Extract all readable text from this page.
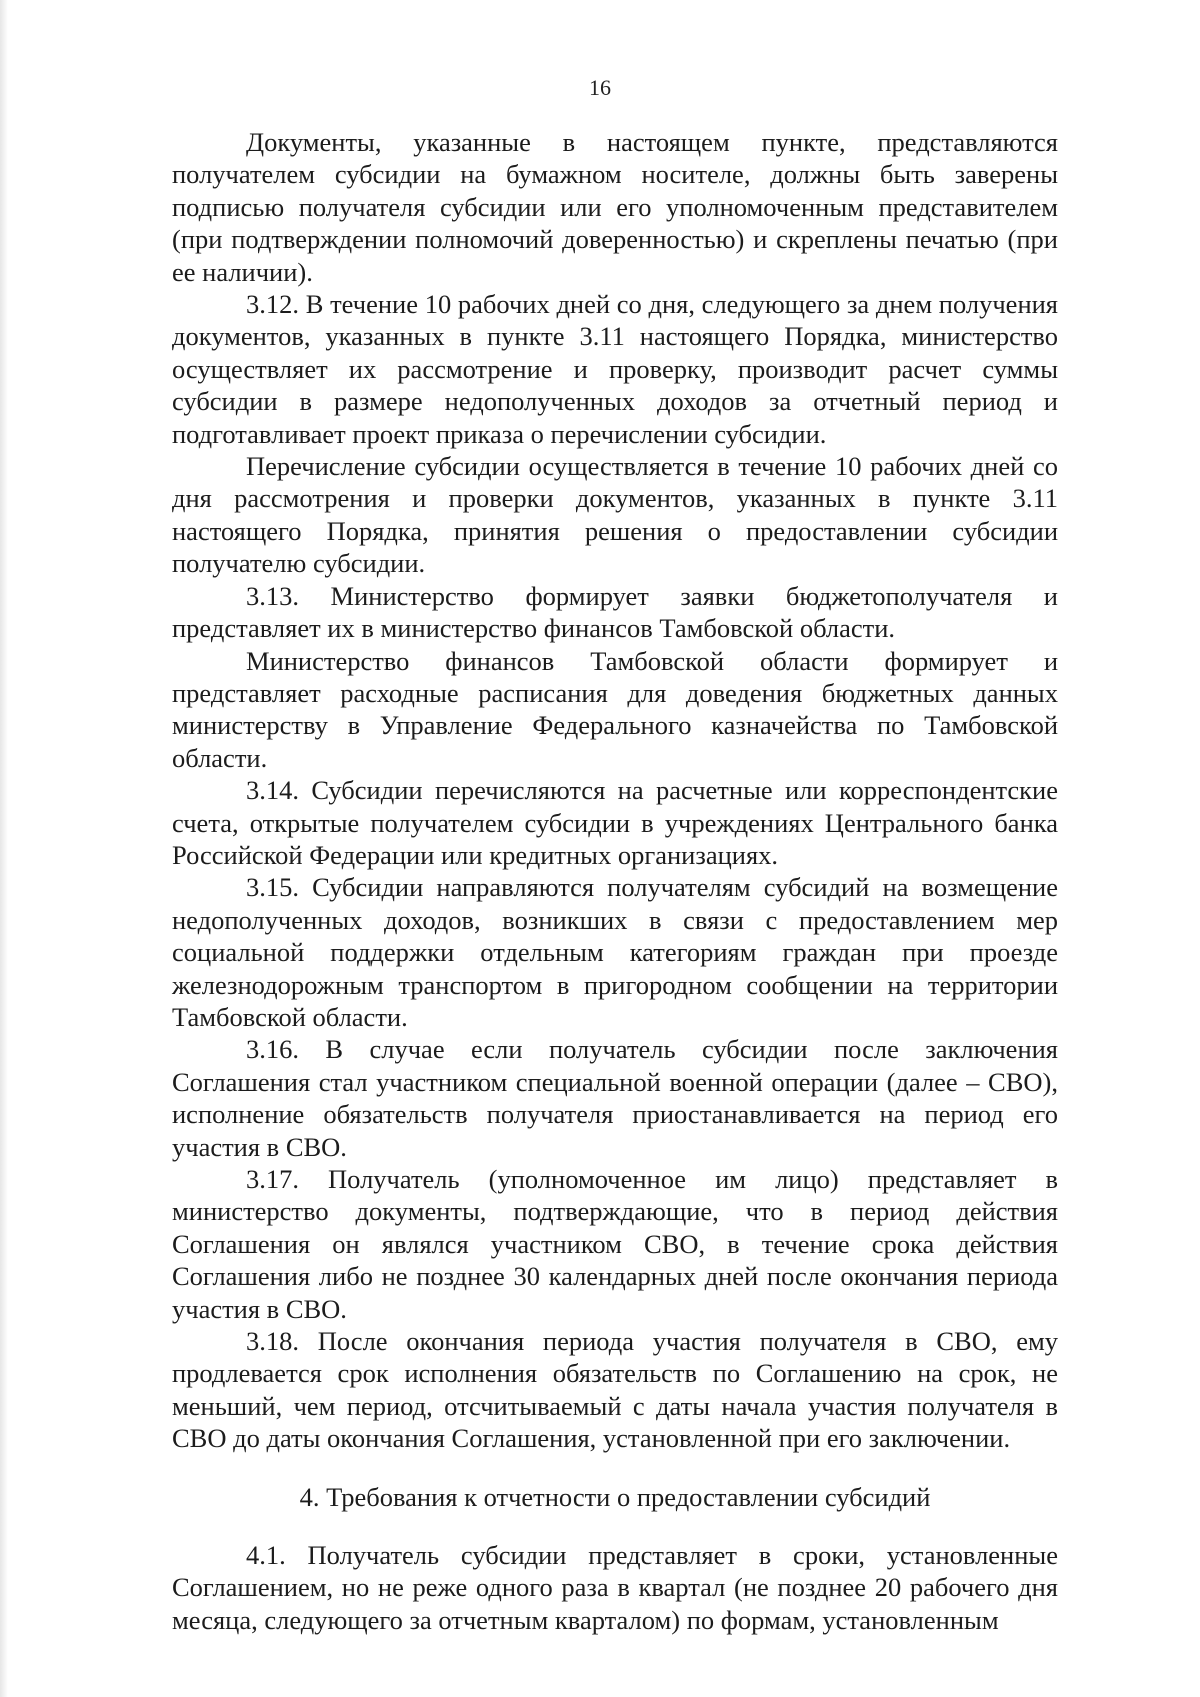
16

Документы, указанные в настоящем пункте, представляются получателем субсидии на бумажном носителе, должны быть заверены подписью получателя субсидии или его уполномоченным представителем (при подтверждении полномочий доверенностью) и скреплены печатью (при ее наличии).

3.12. В течение 10 рабочих дней со дня, следующего за днем получения документов, указанных в пункте 3.11 настоящего Порядка, министерство осуществляет их рассмотрение и проверку, производит расчет суммы субсидии в размере недополученных доходов за отчетный период и подготавливает проект приказа о перечислении субсидии.

Перечисление субсидии осуществляется в течение 10 рабочих дней со дня рассмотрения и проверки документов, указанных в пункте 3.11 настоящего Порядка, принятия решения о предоставлении субсидии получателю субсидии.

3.13. Министерство формирует заявки бюджетополучателя и представляет их в министерство финансов Тамбовской области.

Министерство финансов Тамбовской области формирует и представляет расходные расписания для доведения бюджетных данных министерству в Управление Федерального казначейства по Тамбовской области.

3.14. Субсидии перечисляются на расчетные или корреспондентские счета, открытые получателем субсидии в учреждениях Центрального банка Российской Федерации или кредитных организациях.

3.15. Субсидии направляются получателям субсидий на возмещение недополученных доходов, возникших в связи с предоставлением мер социальной поддержки отдельным категориям граждан при проезде железнодорожным транспортом в пригородном сообщении на территории Тамбовской области.

3.16. В случае если получатель субсидии после заключения Соглашения стал участником специальной военной операции (далее – СВО), исполнение обязательств получателя приостанавливается на период его участия в СВО.

3.17. Получатель (уполномоченное им лицо) представляет в министерство документы, подтверждающие, что в период действия Соглашения он являлся участником СВО, в течение срока действия Соглашения либо не позднее 30 календарных дней после окончания периода участия в СВО.

3.18. После окончания периода участия получателя в СВО, ему продлевается срок исполнения обязательств по Соглашению на срок, не меньший, чем период, отсчитываемый с даты начала участия получателя в СВО до даты окончания Соглашения, установленной при его заключении.

4. Требования к отчетности о предоставлении субсидий

4.1. Получатель субсидии представляет в сроки, установленные Соглашением, но не реже одного раза в квартал (не позднее 20 рабочего дня месяца, следующего за отчетным кварталом) по формам, установленным
